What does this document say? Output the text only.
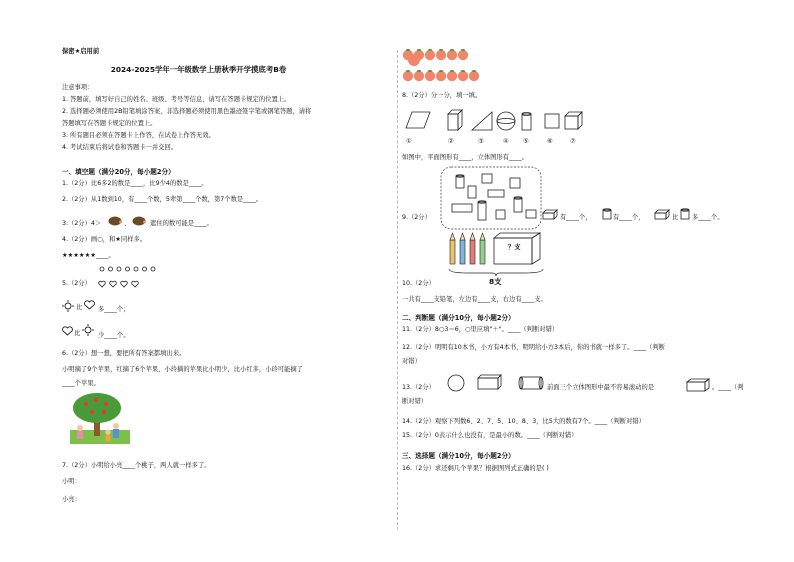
保密★启用前
2024-2025学年一年级数学上册秋季开学摸底考B卷
注意事项：
1. 答题前，填写好自己的姓名、班级、考号等信息，请写在答题卡规定的位置上。
2. 选择题必须使用2B铅笔填涂答案，非选择题必须使用黑色墨迹签字笔或钢笔答题，请将
答题填写在答题卡规定的位置上。
3. 所有题目必须在答题卡上作答，在试卷上作答无效。
4. 考试结束后将试卷和答题卡一并交回。
一、填空题（满分20分，每小题2分）
1.（2分）比6多2的数是____，比9少4的数是____。
2.（2分）从1数到10，有____个数，5辈第____个数，第7个数是____。
3.（2分）4＞	、	遮住的数可能是____。
4.（2分）画○，和★同样多。
★★★★★★____。
5.（2分）
比 多____个；
比	少____个。
6.（2分）想一想，要把所有答案都填出来。
小明摘了9个苹果，红摘了6个苹果，小玲摘的苹果比小明少，比小红多，小玲可能摘了
____个苹果。
7.（2分）小明给小亮____个桃子，两人就一样多了。
小明：
小亮：
8.（2分）分一分，填一填。
①	②	③	④ ⑤	⑥	⑦
如图中，平面图形有____，立体图形有____。
9.（2分）	有____个，	有____个，	比 多____个。
？支
8支
10.（2分）
一共有____支铅笔，左边有____支，右边有____支。
二、判断题（满分10分，每小题2分）
11.（2分）8○3＝6，○里应填"＋"。____（判断对错）
12.（2分）明明有10本书，小方有4本书，明明给小方3本后，你的书就一样多了。____（判断
对错）
13.（2分）	前面三个立体图形中最不容易滚动的是	。____（判
断对错）
14.（2分）观察下列数6、2、7、5、10、8、3，比5大的数有7个。____（判断对错）
15.（2分）0表示什么也没有，是最小的数。____（判断对错）
三、选择题（满分10分，每小题2分）
16.（2分）求还剩几个苹果？根据图列式正确的是( )
